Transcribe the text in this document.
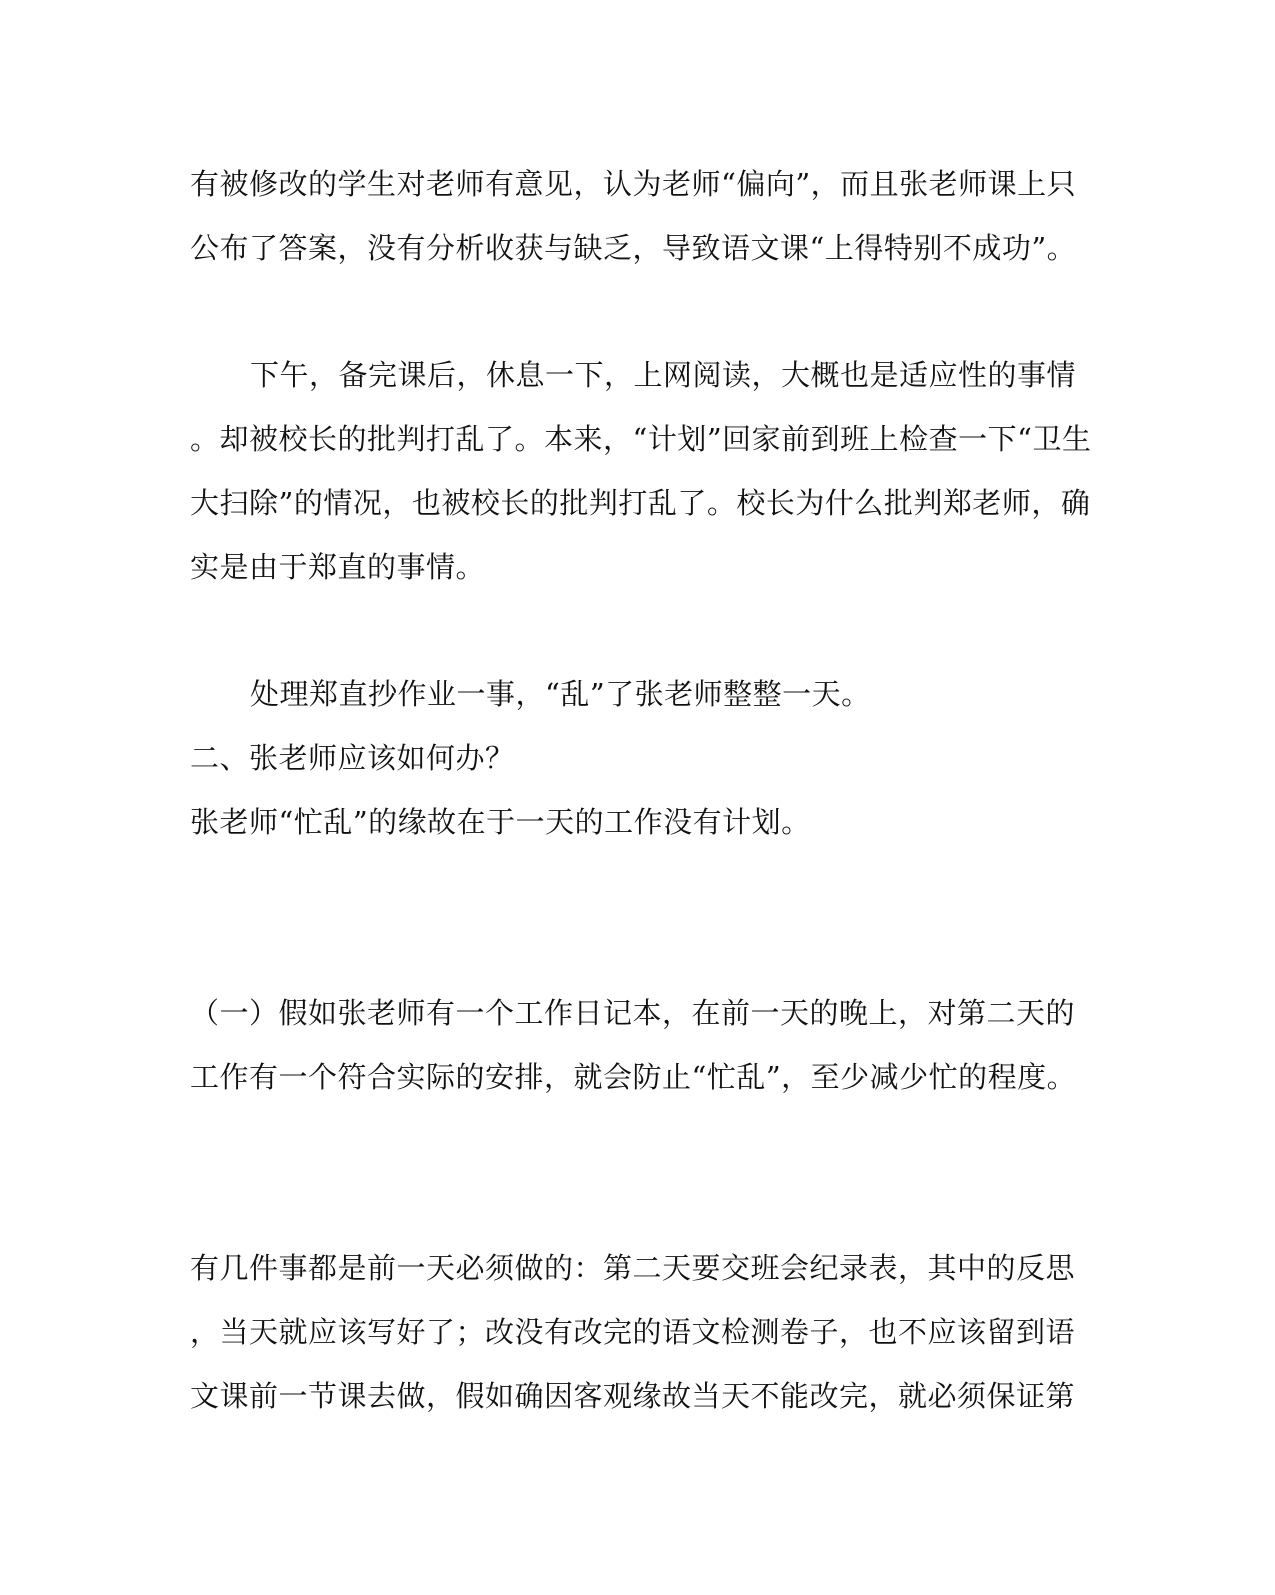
有被修改的学生对老师有意见，认为老师“偏向”，而且张老师课上只
公布了答案，没有分析收获与缺乏，导致语文课“上得特别不成功”。
下午，备完课后，休息一下，上网阅读，大概也是适应性的事情
。却被校长的批判打乱了。本来，“计划”回家前到班上检查一下“卫生
大扫除”的情况，也被校长的批判打乱了。校长为什么批判郑老师，确
实是由于郑直的事情。
处理郑直抄作业一事，“乱”了张老师整整一天。
二、张老师应该如何办？
张老师“忙乱”的缘故在于一天的工作没有计划。
（一）假如张老师有一个工作日记本，在前一天的晚上，对第二天的
工作有一个符合实际的安排，就会防止“忙乱”，至少减少忙的程度。
有几件事都是前一天必须做的：第二天要交班会纪录表，其中的反思
，当天就应该写好了；改没有改完的语文检测卷子，也不应该留到语
文课前一节课去做，假如确因客观缘故当天不能改完，就必须保证第
